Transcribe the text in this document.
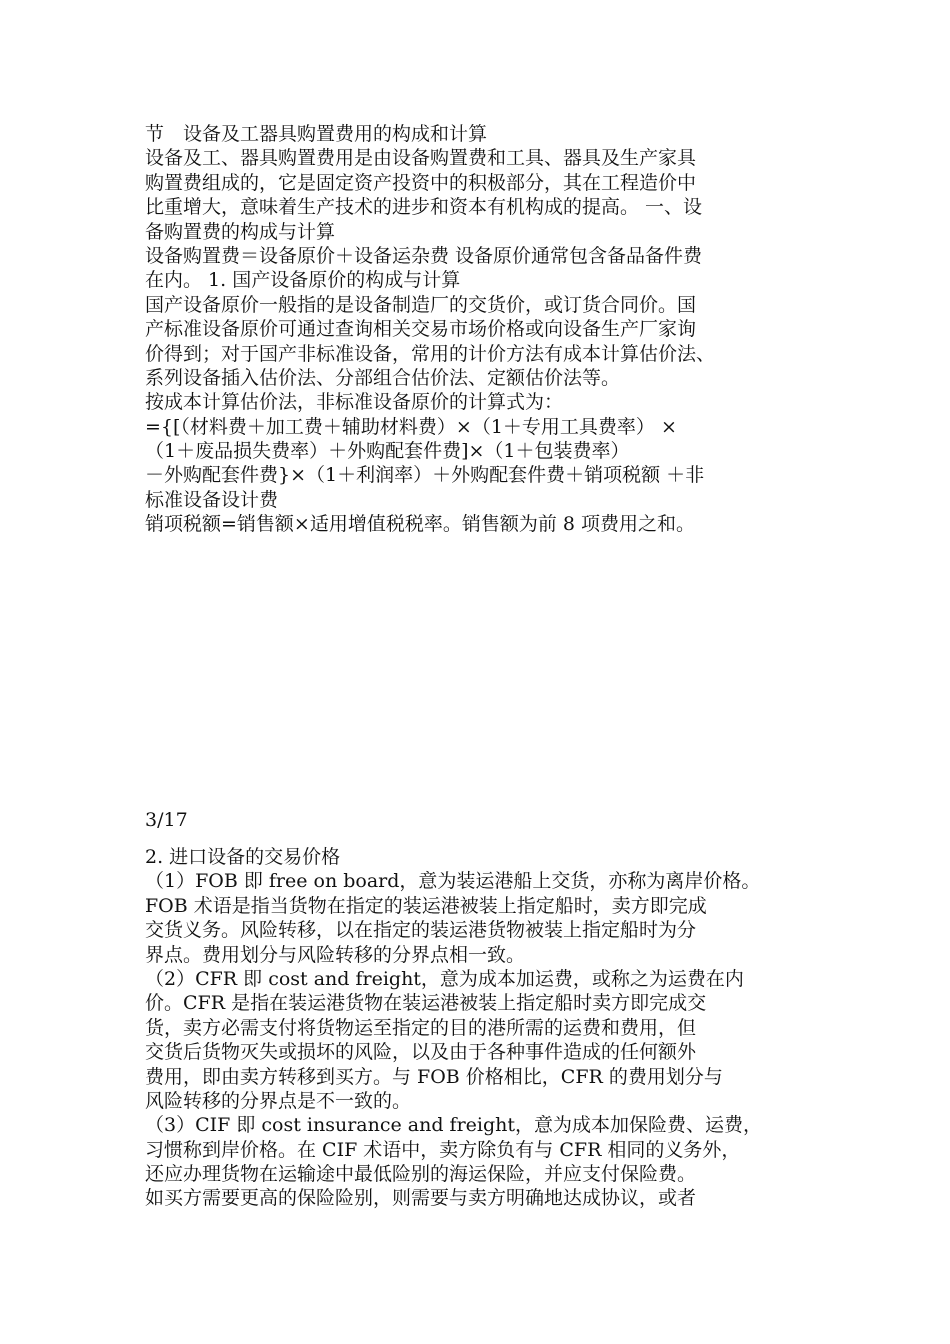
节　设备及工器具购置费用的构成和计算
设备及工、器具购置费用是由设备购置费和工具、器具及生产家具
购置费组成的，它是固定资产投资中的积极部分，其在工程造价中
比重增大，意味着生产技术的进步和资本有机构成的提高。 一、设
备购置费的构成与计算
设备购置费＝设备原价＋设备运杂费 设备原价通常包含备品备件费
在内。 1. 国产设备原价的构成与计算
国产设备原价一般指的是设备制造厂的交货价，或订货合同价。国
产标准设备原价可通过查询相关交易市场价格或向设备生产厂家询
价得到；对于国产非标准设备，常用的计价方法有成本计算估价法、
系列设备插入估价法、分部组合估价法、定额估价法等。
按成本计算估价法，非标准设备原价的计算式为：
={[（材料费＋加工费＋辅助材料费）×（1＋专用工具费率） ×
（1＋废品损失费率）＋外购配套件费]×（1＋包装费率）
－外购配套件费}×（1＋利润率）＋外购配套件费＋销项税额 ＋非
标准设备设计费
销项税额=销售额×适用增值税税率。销售额为前 8 项费用之和。
3/17
2. 进口设备的交易价格
（1）FOB 即 free on board，意为装运港船上交货，亦称为离岸价格。
FOB 术语是指当货物在指定的装运港被装上指定船时，卖方即完成
交货义务。风险转移，以在指定的装运港货物被装上指定船时为分
界点。费用划分与风险转移的分界点相一致。
（2）CFR 即 cost and freight，意为成本加运费，或称之为运费在内
价。CFR 是指在装运港货物在装运港被装上指定船时卖方即完成交
货，卖方必需支付将货物运至指定的目的港所需的运费和费用，但
交货后货物灭失或损坏的风险，以及由于各种事件造成的任何额外
费用，即由卖方转移到买方。与 FOB 价格相比，CFR 的费用划分与
风险转移的分界点是不一致的。
（3）CIF 即 cost insurance and freight，意为成本加保险费、运费，
习惯称到岸价格。在 CIF 术语中，卖方除负有与 CFR 相同的义务外，
还应办理货物在运输途中最低险别的海运保险，并应支付保险费。
如买方需要更高的保险险别，则需要与卖方明确地达成协议，或者
